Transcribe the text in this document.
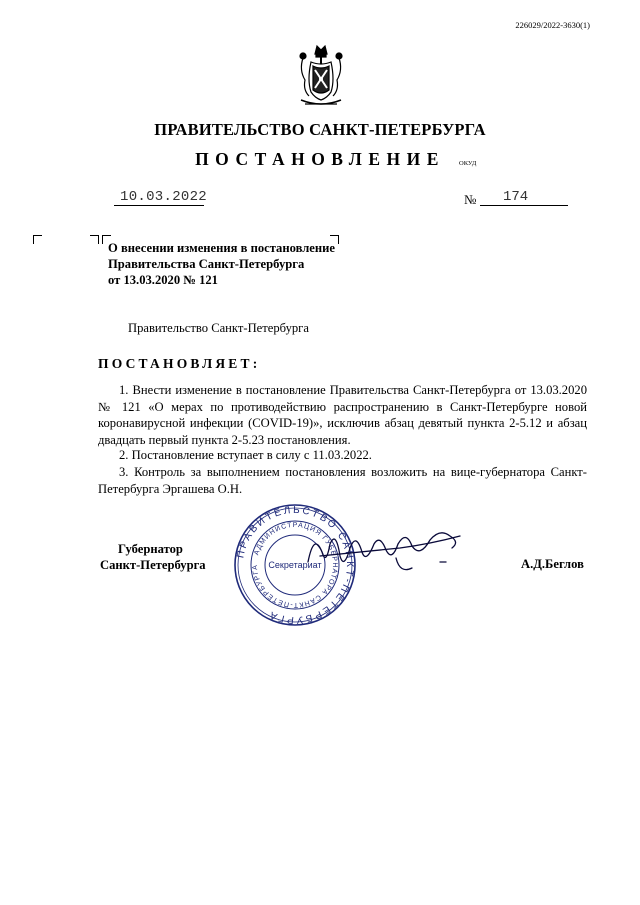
226029/2022-3630(1)
ПРАВИТЕЛЬСТВО САНКТ-ПЕТЕРБУРГА
ПОСТАНОВЛЕНИЕ	ОКУД
10.03.2022	№ 174
О внесении изменения в постановление
Правительства Санкт-Петербурга
от 13.03.2020 № 121
Правительство Санкт-Петербурга
ПОСТАНОВЛЯЕТ:
1. Внести изменение в постановление Правительства Санкт-Петербурга от 13.03.2020 № 121 «О мерах по противодействию распространению в Санкт-Петербурге новой коронавирусной инфекции (COVID-19)», исключив абзац девятый пункта 2-5.12 и абзац двадцать первый пункта 2-5.23 постановления.
2. Постановление вступает в силу с 11.03.2022.
3. Контроль за выполнением постановления возложить на вице-губернатора Санкт-Петербурга Эргашева О.Н.
Губернатор
Санкт-Петербурга
ПРАВИТЕЛЬСТВО САНКТ-ПЕТЕРБУРГА
АДМИНИСТРАЦИЯ ГУБЕРНАТОРА САНКТ-ПЕТЕРБУРГА	Секретариат	А.Д.Беглов
